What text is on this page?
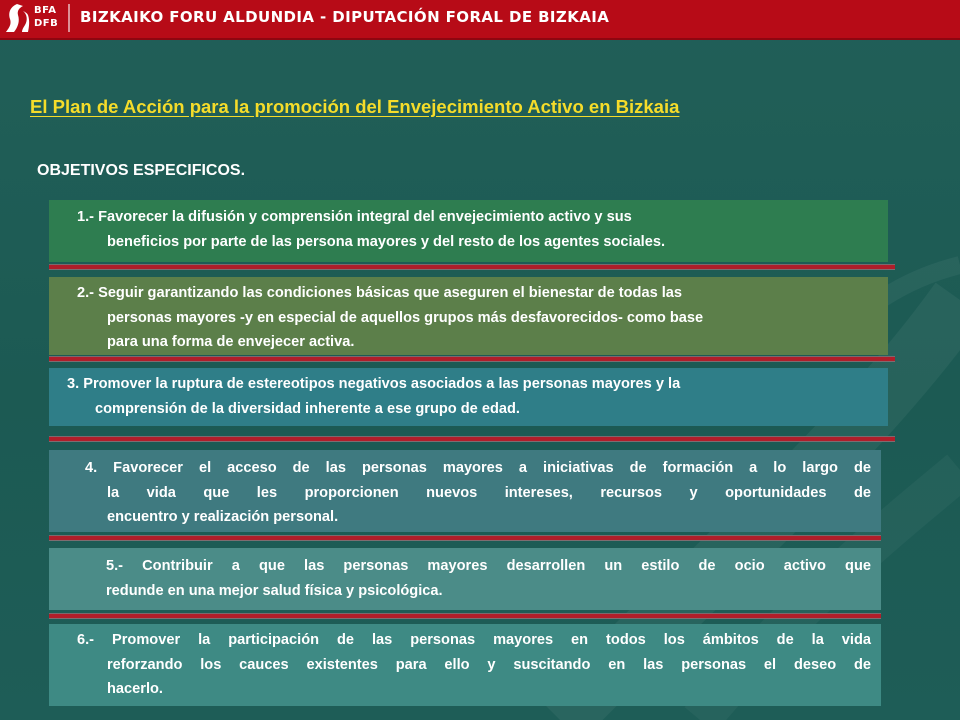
BFA
DFB BIZKAIKO FORU ALDUNDIA - DIPUTACIÓN FORAL DE BIZKAIA
El Plan de Acción para la promoción del Envejecimiento Activo en Bizkaia
OBJETIVOS ESPECIFICOS.
1.- Favorecer la difusión y comprensión integral del envejecimiento activo y sus
beneficios por parte de las persona mayores y del resto de los agentes sociales.
2.- Seguir garantizando las condiciones básicas que aseguren el bienestar de todas las
personas mayores -y en especial de aquellos grupos más desfavorecidos- como base
para una forma de envejecer activa.
3. Promover la ruptura de estereotipos negativos asociados a las personas mayores y la
comprensión de la diversidad inherente a ese grupo de edad.
4. Favorecer el acceso de las personas mayores a iniciativas de formación a lo largo de
la vida que les proporcionen nuevos intereses, recursos y oportunidades de
encuentro y realización personal.
5.- Contribuir a que las personas mayores desarrollen un estilo de ocio activo que
redunde en una mejor salud física y psicológica.
6.- Promover la participación de las personas mayores en todos los ámbitos de la vida
reforzando los cauces existentes para ello y suscitando en las personas el deseo de
hacerlo.
